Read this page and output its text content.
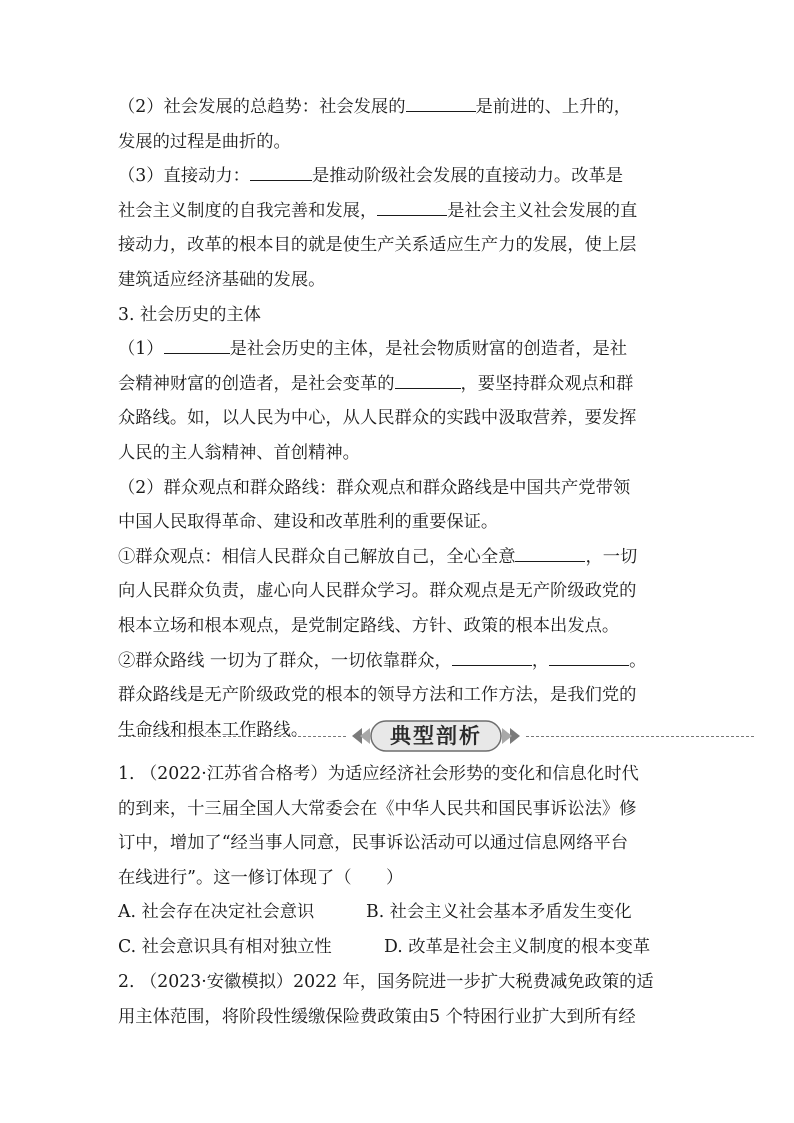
（2）社会发展的总趋势：社会发展的	是前进的、上升的，
发展的过程是曲折的。
（3）直接动力：	是推动阶级社会发展的直接动力。改革是
社会主义制度的自我完善和发展，	是社会主义社会发展的直
接动力，改革的根本目的就是使生产关系适应生产力的发展，使上层
建筑适应经济基础的发展。
3. 社会历史的主体
（1）	是社会历史的主体，是社会物质财富的创造者，是社
会精神财富的创造者，是社会变革的	，要坚持群众观点和群
众路线。如，以人民为中心，从人民群众的实践中汲取营养，要发挥
人民的主人翁精神、首创精神。
（2）群众观点和群众路线：群众观点和群众路线是中国共产党带领
中国人民取得革命、建设和改革胜利的重要保证。
①群众观点：相信人民群众自己解放自己，全心全意	，一切
向人民群众负责，虚心向人民群众学习。群众观点是无产阶级政党的
根本立场和根本观点，是党制定路线、方针、政策的根本出发点。
②群众路线 一切为了群众，一切依靠群众，	，	。
群众路线是无产阶级政党的根本的领导方法和工作方法，是我们党的
生命线和根本工作路线。	典型剖析
1. （2022·江苏省合格考）为适应经济社会形势的变化和信息化时代
的到来，十三届全国人大常委会在《中华人民共和国民事诉讼法》修
订中，增加了“经当事人同意，民事诉讼活动可以通过信息网络平台
在线进行”。这一修订体现了（　　）
A. 社会存在决定社会意识	B. 社会主义社会基本矛盾发生变化
C. 社会意识具有相对独立性	D. 改革是社会主义制度的根本变革
2. （2023·安徽模拟）2022 年，国务院进一步扩大税费减免政策的适
用主体范围，将阶段性缓缴保险费政策由5 个特困行业扩大到所有经
